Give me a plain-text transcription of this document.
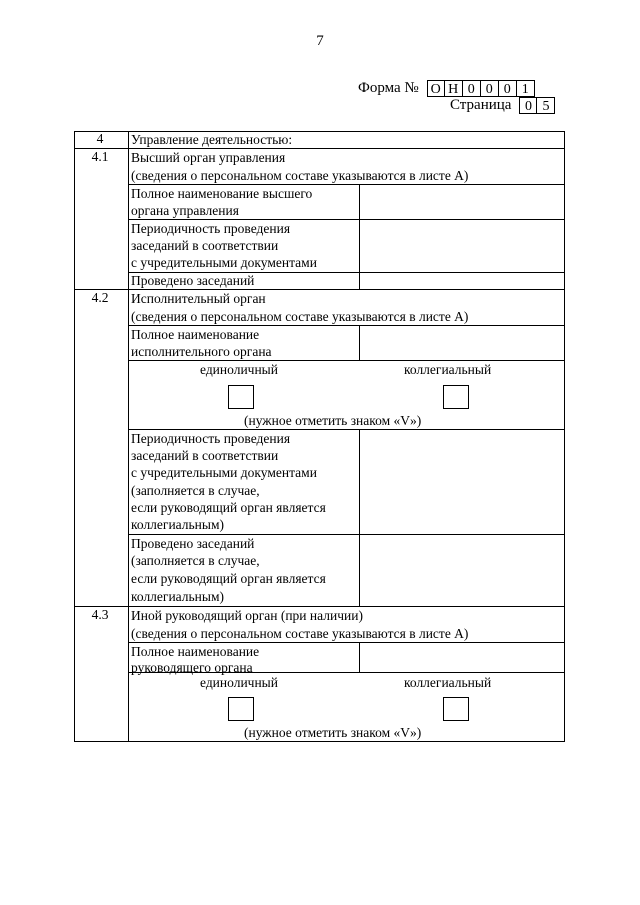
7
Форма № О Н 0 0 0 1
Страница 0 5
4	Управление деятельностью:
4.1	Высший орган управления
(сведения о персональном составе указываются в листе А)
Полное наименование высшего
органа управления
Периодичность проведения
заседаний в соответствии
с учредительными документами
Проведено заседаний
4.2	Исполнительный орган
(сведения о персональном составе указываются в листе А)
Полное наименование
исполнительного органа
единоличный	коллегиальный
(нужное отметить знаком «V»)
Периодичность проведения
заседаний в соответствии
с учредительными документами
(заполняется в случае,
если руководящий орган является
коллегиальным)
Проведено заседаний
(заполняется в случае,
если руководящий орган является
коллегиальным)
4.3	Иной руководящий орган (при наличии)
(сведения о персональном составе указываются в листе А)
Полное наименование
руководящего органа
единоличный	коллегиальный
(нужное отметить знаком «V»)
